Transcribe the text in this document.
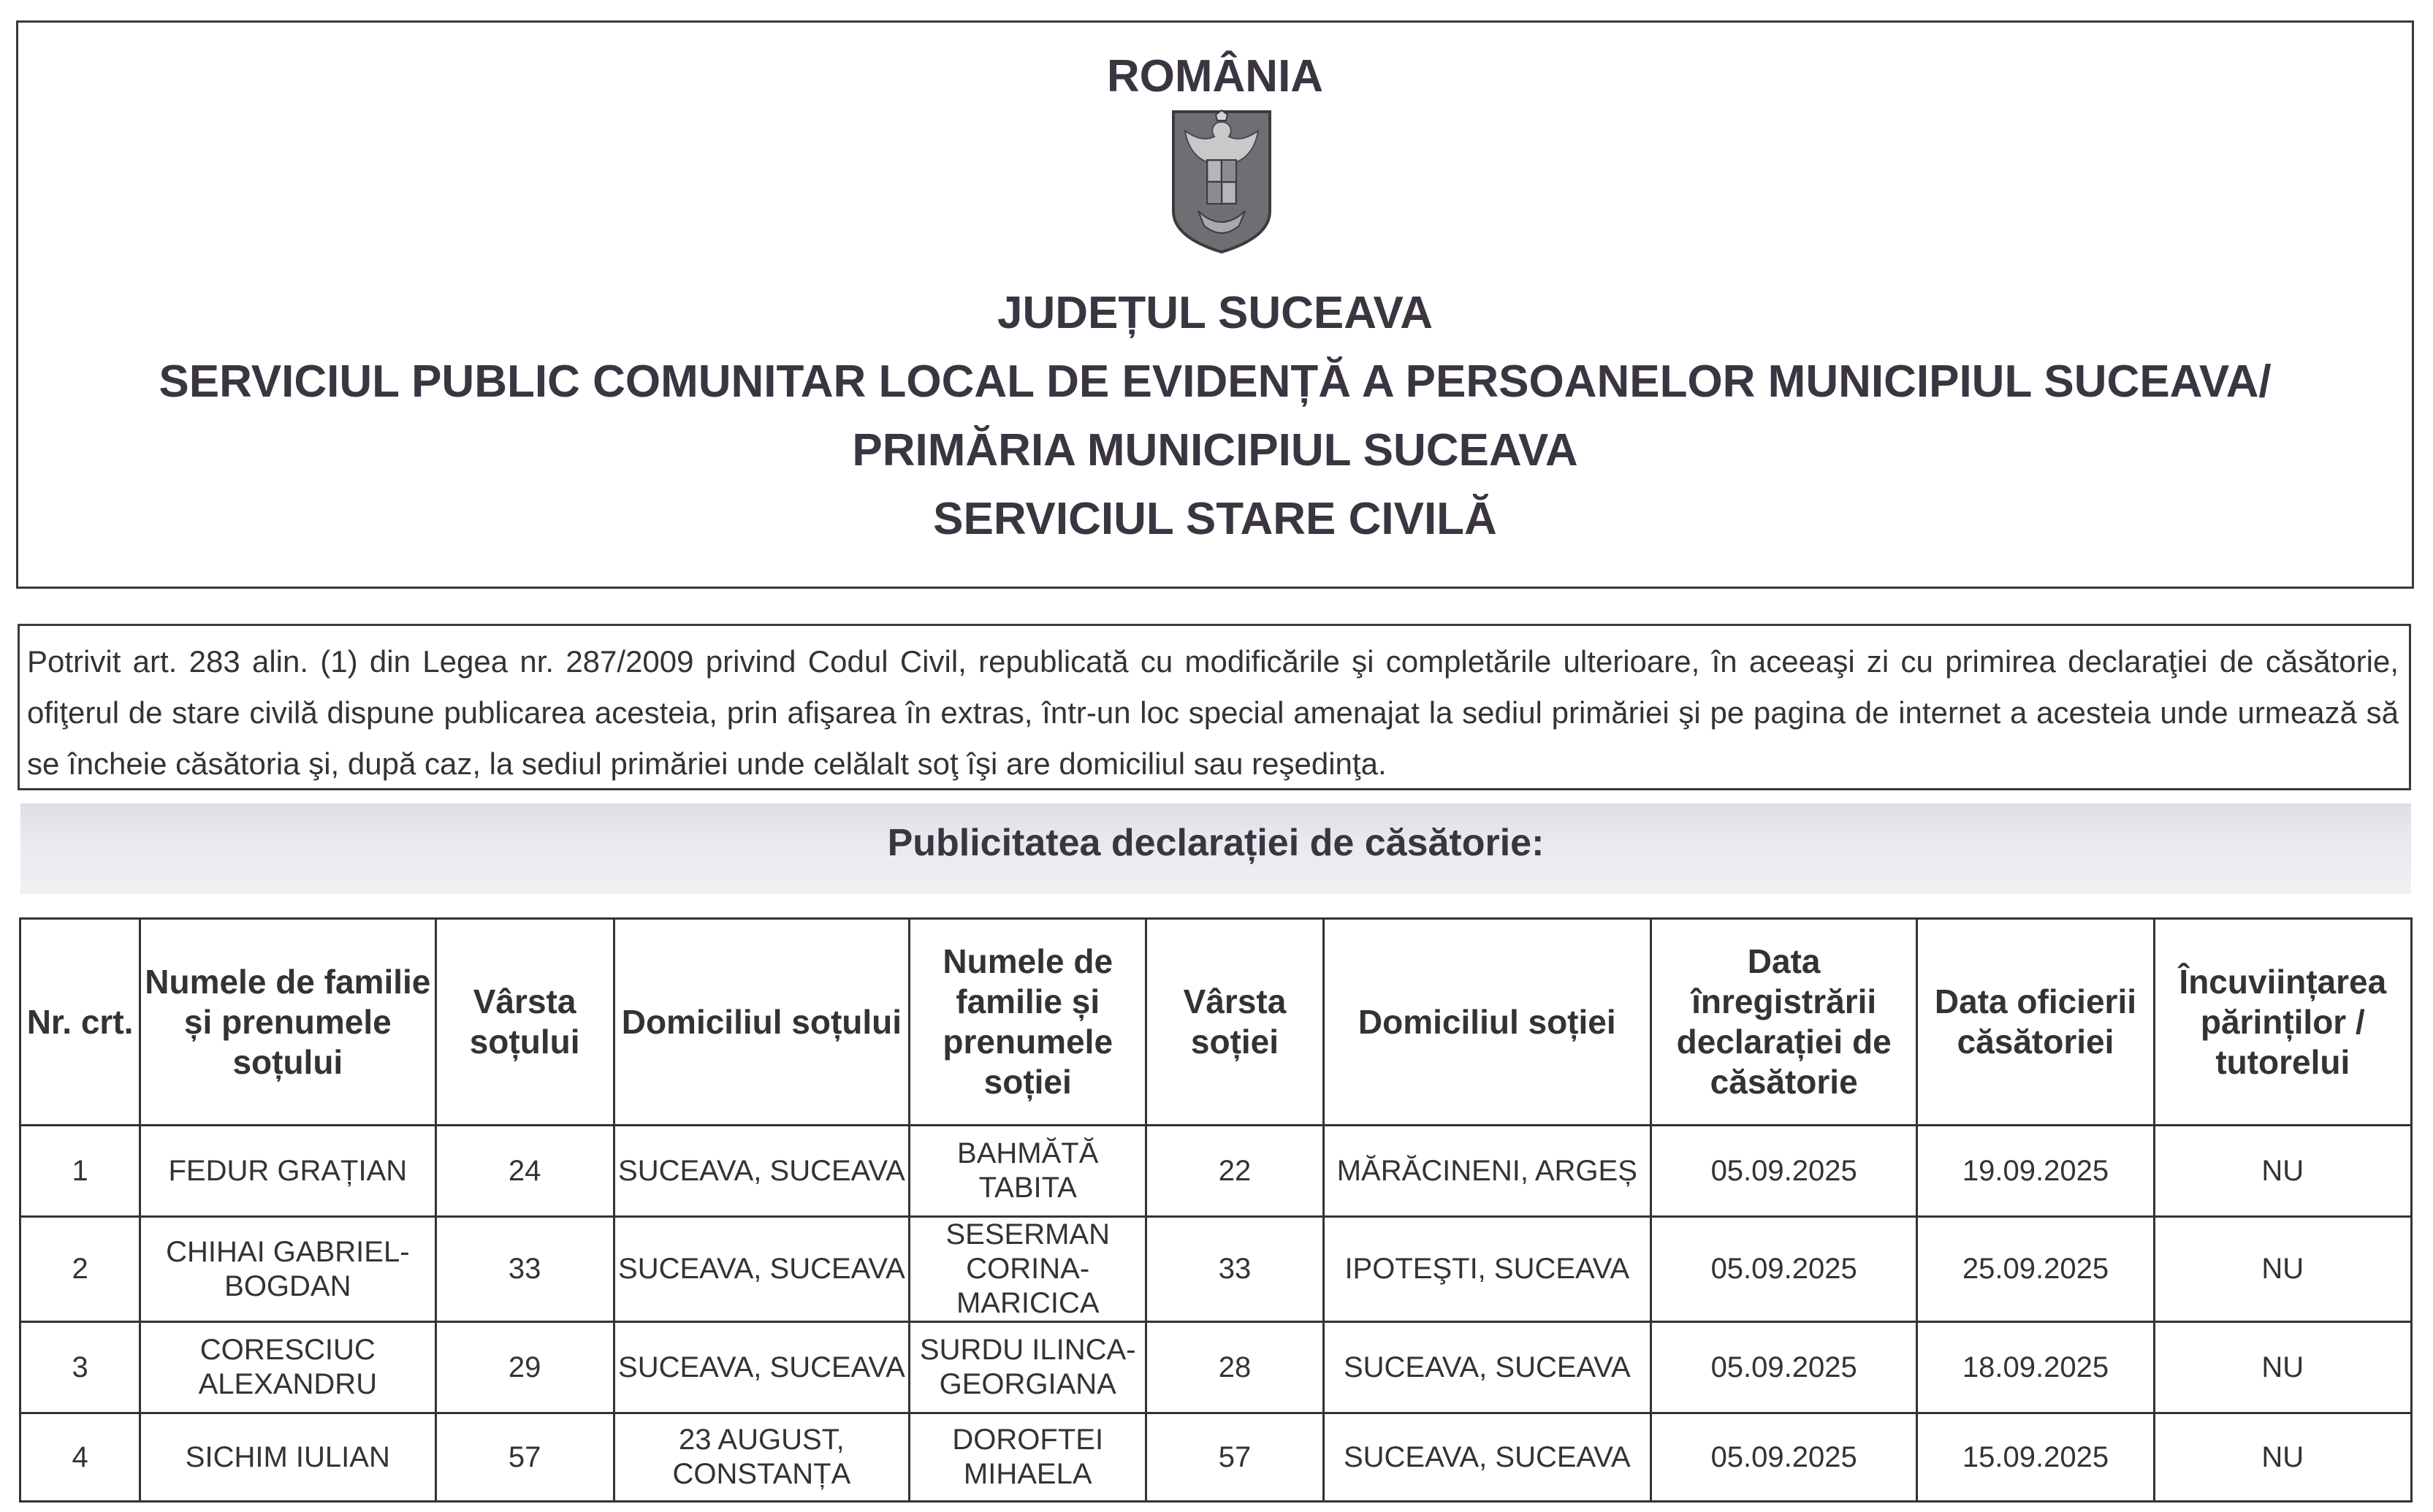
ROMÂNIA
JUDEȚUL SUCEAVA
SERVICIUL PUBLIC COMUNITAR LOCAL DE EVIDENȚĂ A PERSOANELOR MUNICIPIUL SUCEAVA/
PRIMĂRIA MUNICIPIUL SUCEAVA
SERVICIUL STARE CIVILĂ
Potrivit art. 283 alin. (1) din Legea nr. 287/2009 privind Codul Civil, republicată cu modificările şi completările ulterioare, în aceeaşi zi cu primirea declaraţiei de căsătorie, ofiţerul de stare civilă dispune publicarea acesteia, prin afişarea în extras, într-un loc special amenajat la sediul primăriei şi pe pagina de internet a acesteia unde urmează să se încheie căsătoria şi, după caz, la sediul primăriei unde celălalt soţ îşi are domiciliul sau reşedinţa.
Publicitatea declarației de căsătorie:
Nr. crt.	Numele de familie și prenumele soțului	Vârsta soțului	Domiciliul soțului	Numele de familie și prenumele soției	Vârsta soției	Domiciliul soției	Data înregistrării declarației de căsătorie	Data oficierii căsătoriei	Încuviințarea părinților / tutorelui
1	FEDUR GRAȚIAN	24	SUCEAVA, SUCEAVA	BAHMĂTĂ TABITA	22	MĂRĂCINENI, ARGEȘ	05.09.2025	19.09.2025	NU
2	CHIHAI GABRIEL-BOGDAN	33	SUCEAVA, SUCEAVA	SESERMAN CORINA-MARICICA	33	IPOTEŞTI, SUCEAVA	05.09.2025	25.09.2025	NU
3	CORESCIUC ALEXANDRU	29	SUCEAVA, SUCEAVA	SURDU ILINCA-GEORGIANA	28	SUCEAVA, SUCEAVA	05.09.2025	18.09.2025	NU
4	SICHIM IULIAN	57	23 AUGUST, CONSTANȚA	DOROFTEI MIHAELA	57	SUCEAVA, SUCEAVA	05.09.2025	15.09.2025	NU
